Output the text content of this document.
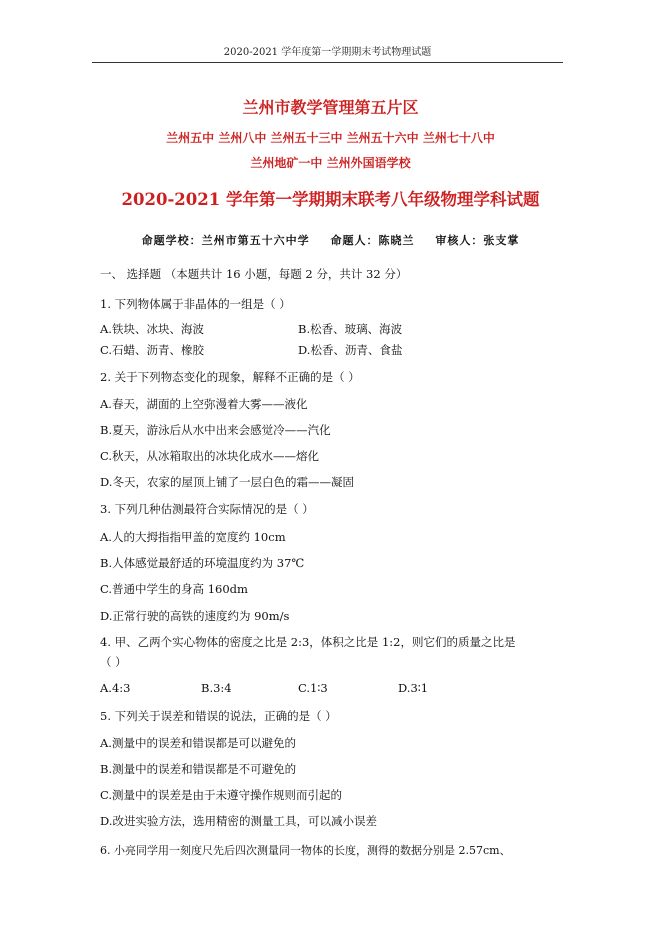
2020-2021 学年度第一学期期末考试物理试题
兰州市教学管理第五片区
兰州五中 兰州八中 兰州五十三中 兰州五十六中 兰州七十八中
兰州地矿一中 兰州外国语学校
2020-2021 学年第一学期期末联考八年级物理学科试题
命题学校：兰州市第五十六中学 命题人：陈晓兰 审核人：张支掌
一、 选择题 （本题共计 16 小题，每题 2 分，共计 32 分）
1. 下列物体属于非晶体的一组是（ ）
A.铁块、冰块、海波	B.松香、玻璃、海波
C.石蜡、沥青、橡胶	D.松香、沥青、食盐
2. 关于下列物态变化的现象，解释不正确的是（ ）
A.春天，湖面的上空弥漫着大雾——液化
B.夏天，游泳后从水中出来会感觉冷——汽化
C.秋天，从冰箱取出的冰块化成水——熔化
D.冬天，农家的屋顶上铺了一层白色的霜——凝固
3. 下列几种估测最符合实际情况的是（ ）
A.人的大拇指指甲盖的宽度约 10cm
B.人体感觉最舒适的环境温度约为 37℃
C.普通中学生的身高 160dm
D.正常行驶的高铁的速度约为 90m/s
4. 甲、乙两个实心物体的密度之比是 2:3，体积之比是 1:2，则它们的质量之比是
（ ）
A.4:3	B.3:4	C.1∶3	D.3∶1
5. 下列关于误差和错误的说法，正确的是（ ）
A.测量中的误差和错误都是可以避免的
B.测量中的误差和错误都是不可避免的
C.测量中的误差是由于未遵守操作规则而引起的
D.改进实验方法，选用精密的测量工具，可以减小误差
6. 小亮同学用一刻度尺先后四次测量同一物体的长度，测得的数据分别是 2.57cm、
